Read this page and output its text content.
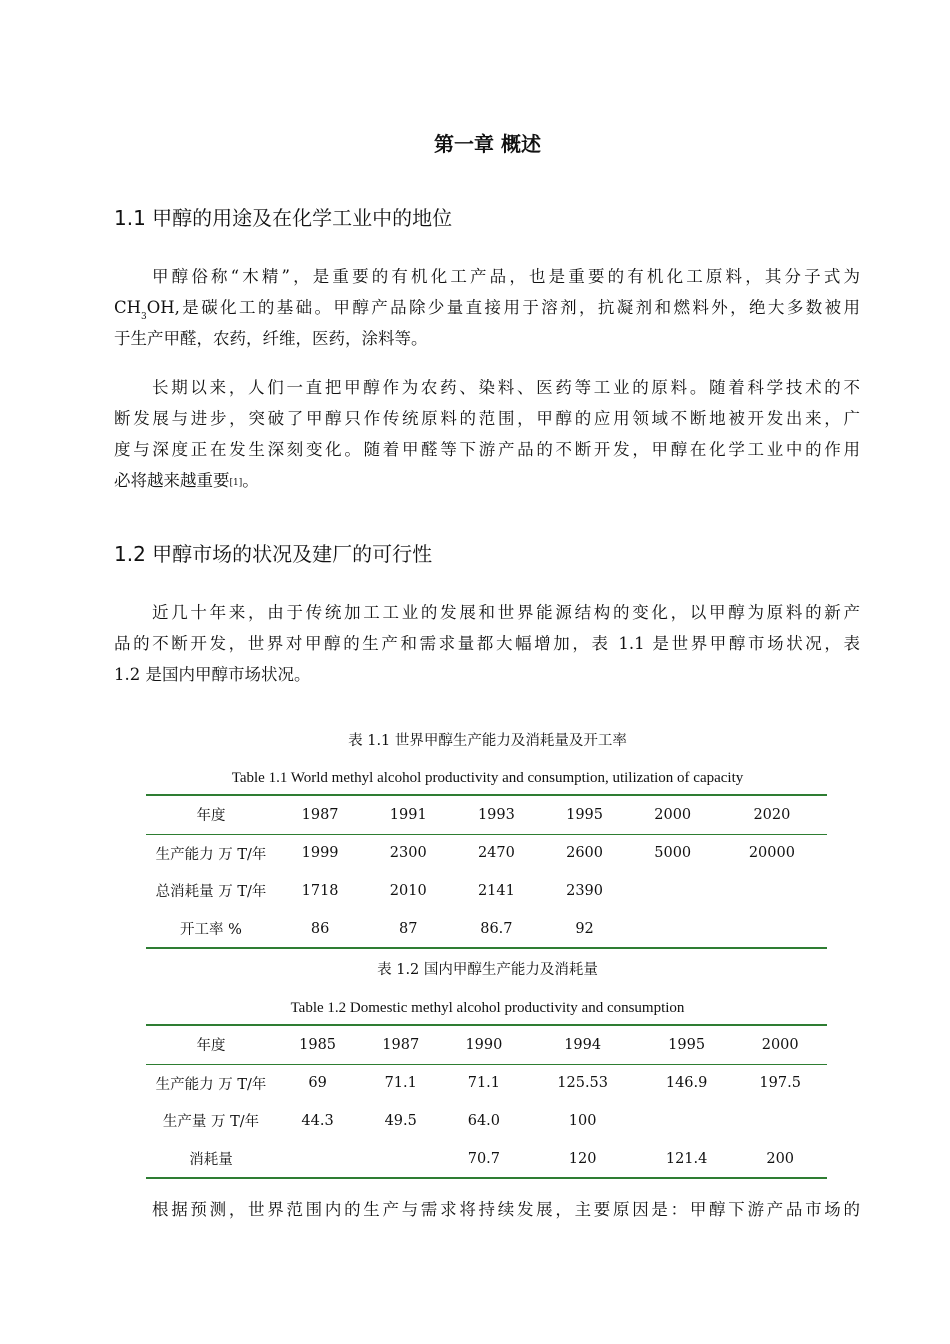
第一章 概述
1.1 甲醇的用途及在化学工业中的地位
甲醇俗称“木精”，是重要的有机化工产品，也是重要的有机化工原料，其分子式为
$CH_3OH$,是碳化工的基础。甲醇产品除少量直接用于溶剂，抗凝剂和燃料外，绝大多数被用
于生产甲醛，农药，纤维，医药，涂料等。
长期以来，人们一直把甲醇作为农药、染料、医药等工业的原料。随着科学技术的不
断发展与进步，突破了甲醇只作传统原料的范围，甲醇的应用领域不断地被开发出来，广
度与深度正在发生深刻变化。随着甲醛等下游产品的不断开发，甲醇在化学工业中的作用
必将越来越重要[1]。
1.2 甲醇市场的状况及建厂的可行性
近几十年来，由于传统加工工业的发展和世界能源结构的变化，以甲醇为原料的新产
品的不断开发，世界对甲醇的生产和需求量都大幅增加，表 1.1 是世界甲醇市场状况，表
1.2 是国内甲醇市场状况。
表 1.1 世界甲醇生产能力及消耗量及开工率
Table 1.1 World methyl alcohol productivity and consumption, utilization of capacity
年度	1987	1991	1993	1995	2000	2020
生产能力 万 T/年	1999	2300	2470	2600	5000	20000
总消耗量 万 T/年	1718	2010	2141	2390		
开工率 %	86	87	86.7	92		
表 1.2 国内甲醇生产能力及消耗量
Table 1.2 Domestic methyl alcohol productivity and consumption
年度	1985	1987	1990	1994	1995	2000
生产能力 万 T/年	69	71.1	71.1	125.53	146.9	197.5
生产量 万 T/年	44.3	49.5	64.0	100		
消耗量			70.7	120	121.4	200
根据预测，世界范围内的生产与需求将持续发展，主要原因是：甲醇下游产品市场的
